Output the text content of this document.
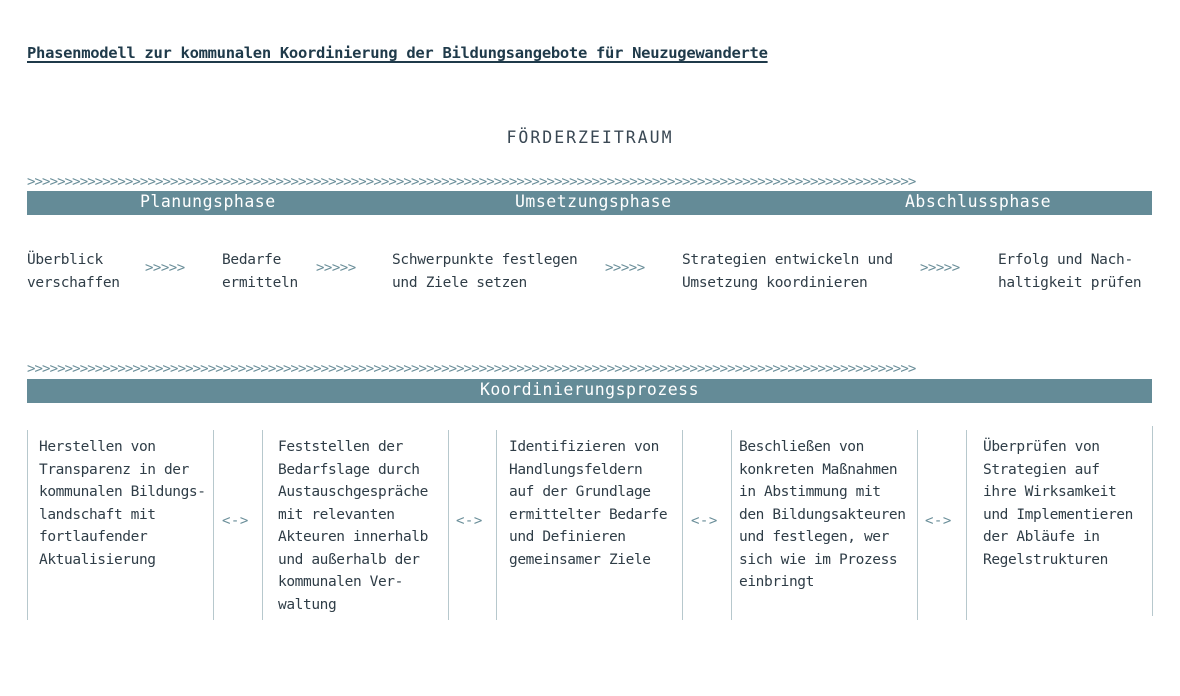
Phasenmodell zur kommunalen Koordinierung der Bildungsangebote für Neuzugewanderte
FÖRDERZEITRAUM
>>>>>>>>>>>>>>>>>>>>>>>>>>>>>>>>>>>>>>>>>>>>>>>>>>>>>>>>>>>>>>>>>>>>>>>>>>>>>>>>>>>>>>>>>>>>>>>>>>>>>>>>>>>>>>>>>>>>>>
Planungsphase	Umsetzungsphase	Abschlussphase
Überblick
verschaffen
>>>>>	Bedarfe
ermitteln
>>>>>	Schwerpunkte festlegen
und Ziele setzen
>>>>>	Strategien entwickeln und
Umsetzung koordinieren
>>>>>	Erfolg und Nach-
haltigkeit prüfen
>>>>>>>>>>>>>>>>>>>>>>>>>>>>>>>>>>>>>>>>>>>>>>>>>>>>>>>>>>>>>>>>>>>>>>>>>>>>>>>>>>>>>>>>>>>>>>>>>>>>>>>>>>>>>>>>>>>>>>
Koordinierungsprozess
Herstellen von
Transparenz in der
kommunalen Bildungs-
landschaft mit
fortlaufender
Aktualisierung
<->
Feststellen der
Bedarfslage durch
Austauschgespräche
mit relevanten
Akteuren innerhalb
und außerhalb der
kommunalen Ver-
waltung
<->
Identifizieren von
Handlungsfeldern
auf der Grundlage
ermittelter Bedarfe
und Definieren
gemeinsamer Ziele
<->
Beschließen von
konkreten Maßnahmen
in Abstimmung mit
den Bildungsakteuren
und festlegen, wer
sich wie im Prozess
einbringt
<->
Überprüfen von
Strategien auf
ihre Wirksamkeit
und Implementieren
der Abläufe in
Regelstrukturen
